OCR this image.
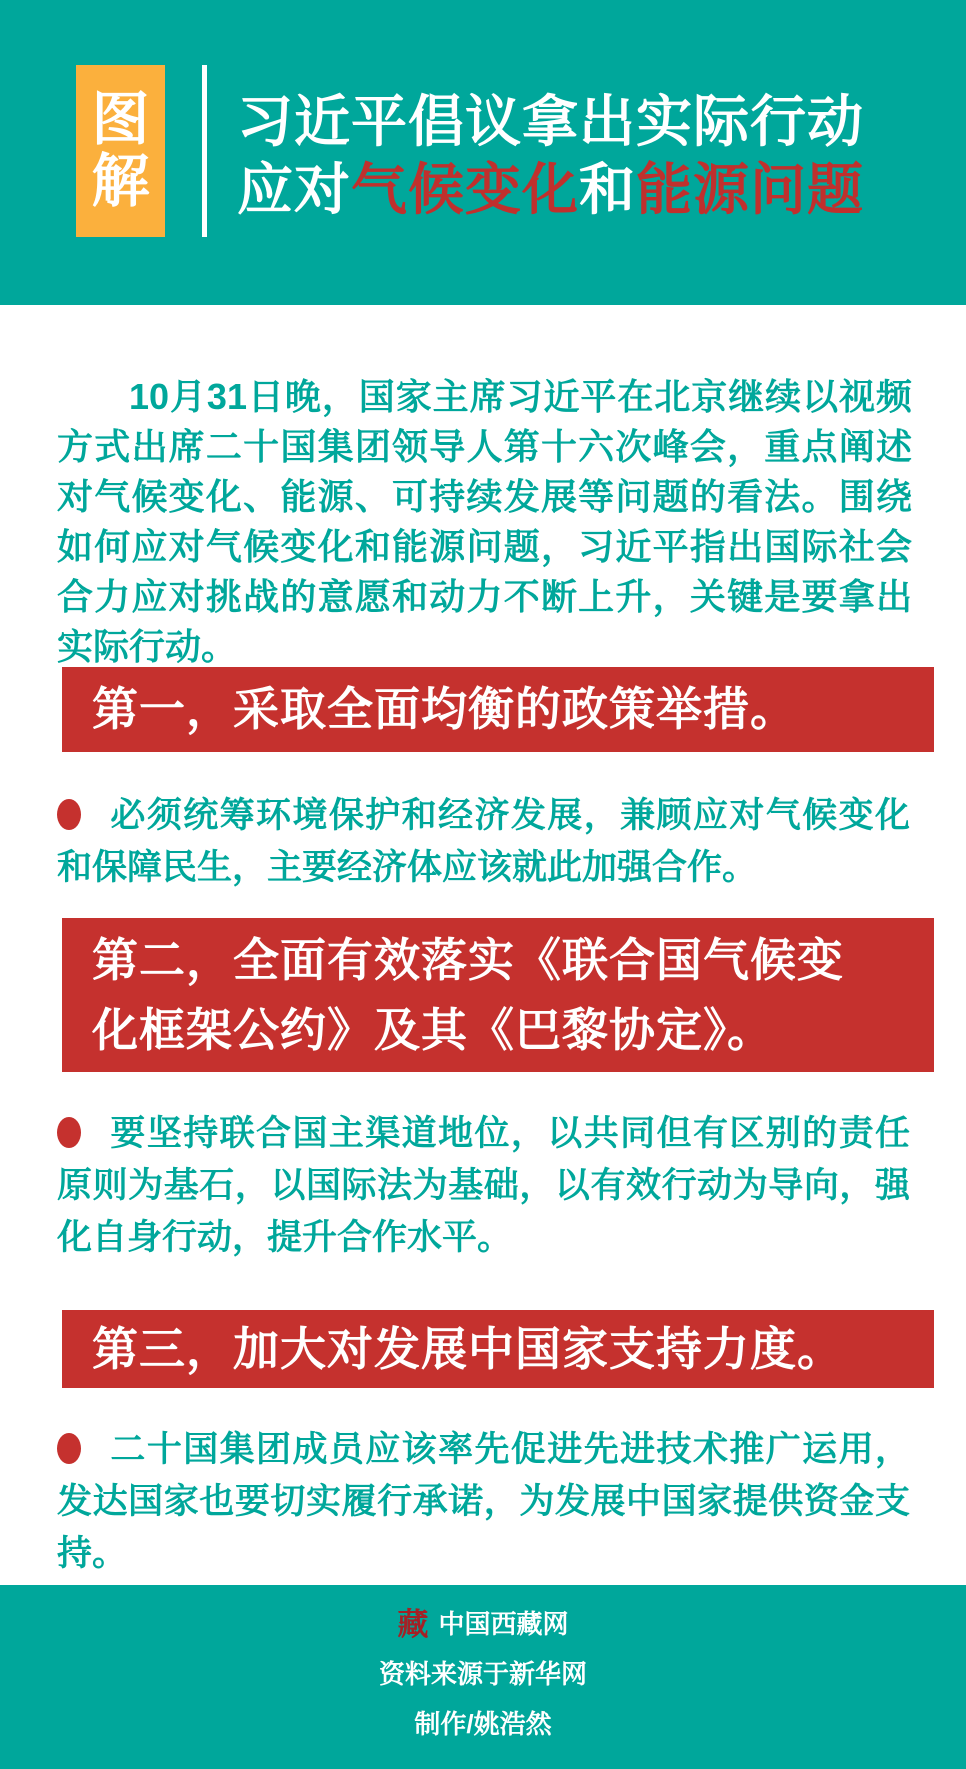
图
解
习近平倡议拿出实际行动
应对气候变化和能源问题

10月31日晚，国家主席习近平在北京继续以视频方式出席二十国集团领导人第十六次峰会，重点阐述对气候变化、能源、可持续发展等问题的看法。围绕如何应对气候变化和能源问题，习近平指出国际社会合力应对挑战的意愿和动力不断上升，关键是要拿出实际行动。

第一，采取全面均衡的政策举措。

必须统筹环境保护和经济发展，兼顾应对气候变化和保障民生，主要经济体应该就此加强合作。

第二，全面有效落实《联合国气候变化框架公约》及其《巴黎协定》。

要坚持联合国主渠道地位，以共同但有区别的责任原则为基石，以国际法为基础，以有效行动为导向，强化自身行动，提升合作水平。

第三，加大对发展中国家支持力度。

二十国集团成员应该率先促进先进技术推广运用，发达国家也要切实履行承诺，为发展中国家提供资金支持。

藏 中国西藏网
资料来源于新华网
制作/姚浩然
